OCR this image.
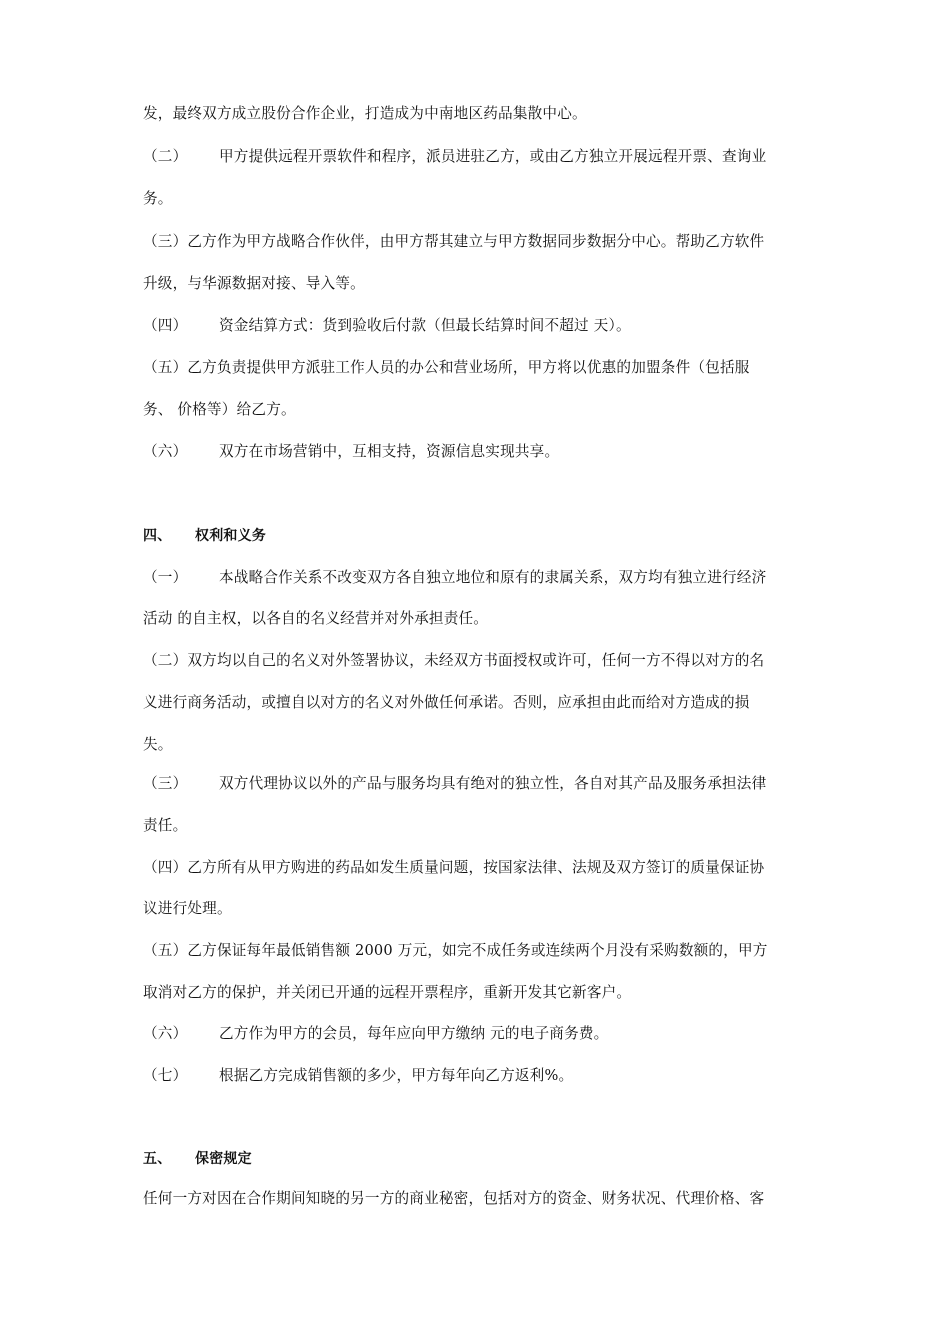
发，最终双方成立股份合作企业，打造成为中南地区药品集散中心。

（二） 甲方提供远程开票软件和程序，派员进驻乙方，或由乙方独立开展远程开票、查询业

务。

（三）乙方作为甲方战略合作伙伴，由甲方帮其建立与甲方数据同步数据分中心。帮助乙方软件

升级，与华源数据对接、导入等。

（四） 资金结算方式：货到验收后付款（但最长结算时间不超过 天）。

（五）乙方负责提供甲方派驻工作人员的办公和营业场所，甲方将以优惠的加盟条件（包括服

务、 价格等）给乙方。

（六） 双方在市场营销中，互相支持，资源信息实现共享。

四、 权利和义务

（一） 本战略合作关系不改变双方各自独立地位和原有的隶属关系，双方均有独立进行经济

活动 的自主权，以各自的名义经营并对外承担责任。

（二）双方均以自己的名义对外签署协议，未经双方书面授权或许可，任何一方不得以对方的名

义进行商务活动，或擅自以对方的名义对外做任何承诺。否则，应承担由此而给对方造成的损

失。

（三） 双方代理协议以外的产品与服务均具有绝对的独立性，各自对其产品及服务承担法律

责任。

（四）乙方所有从甲方购进的药品如发生质量问题，按国家法律、法规及双方签订的质量保证协

议进行处理。

（五）乙方保证每年最低销售额 2000 万元，如完不成任务或连续两个月没有采购数额的，甲方

取消对乙方的保护，并关闭已开通的远程开票程序，重新开发其它新客户。

（六） 乙方作为甲方的会员，每年应向甲方缴纳 元的电子商务费。

（七） 根据乙方完成销售额的多少，甲方每年向乙方返利%。

五、 保密规定

任何一方对因在合作期间知晓的另一方的商业秘密，包括对方的资金、财务状况、代理价格、客
